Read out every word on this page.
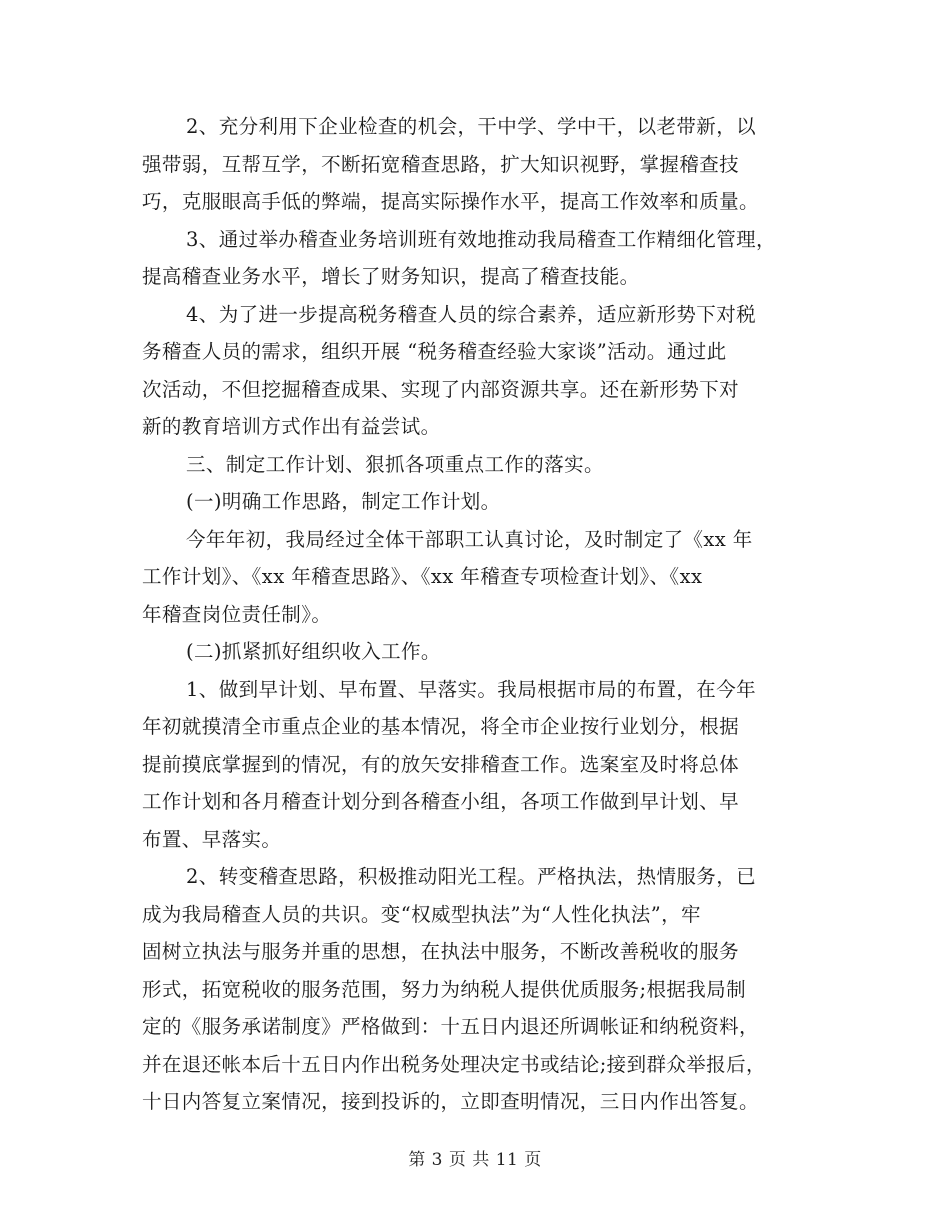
2、充分利用下企业检查的机会，干中学、学中干，以老带新，以
强带弱，互帮互学，不断拓宽稽查思路，扩大知识视野，掌握稽查技
巧，克服眼高手低的弊端，提高实际操作水平，提高工作效率和质量。
3、通过举办稽查业务培训班有效地推动我局稽查工作精细化管理，
提高稽查业务水平，增长了财务知识，提高了稽查技能。
4、为了进一步提高税务稽查人员的综合素养，适应新形势下对税
务稽查人员的需求，组织开展 “税务稽查经验大家谈”活动。通过此
次活动，不但挖掘稽查成果、实现了内部资源共享。还在新形势下对
新的教育培训方式作出有益尝试。
三、制定工作计划、狠抓各项重点工作的落实。
(一)明确工作思路，制定工作计划。
今年年初，我局经过全体干部职工认真讨论，及时制定了《xx 年
工作计划》、《xx 年稽查思路》、《xx 年稽查专项检查计划》、《xx
年稽查岗位责任制》。
(二)抓紧抓好组织收入工作。
1、做到早计划、早布置、早落实。我局根据市局的布置，在今年
年初就摸清全市重点企业的基本情况，将全市企业按行业划分，根据
提前摸底掌握到的情况，有的放矢安排稽查工作。选案室及时将总体
工作计划和各月稽查计划分到各稽查小组，各项工作做到早计划、早
布置、早落实。
2、转变稽查思路，积极推动阳光工程。严格执法，热情服务，已
成为我局稽查人员的共识。变“权威型执法”为“人性化执法”，牢
固树立执法与服务并重的思想，在执法中服务，不断改善税收的服务
形式，拓宽税收的服务范围，努力为纳税人提供优质服务;根据我局制
定的《服务承诺制度》严格做到：十五日内退还所调帐证和纳税资料，
并在退还帐本后十五日内作出税务处理决定书或结论;接到群众举报后，
十日内答复立案情况，接到投诉的，立即查明情况，三日内作出答复。
第 3 页 共 11 页
